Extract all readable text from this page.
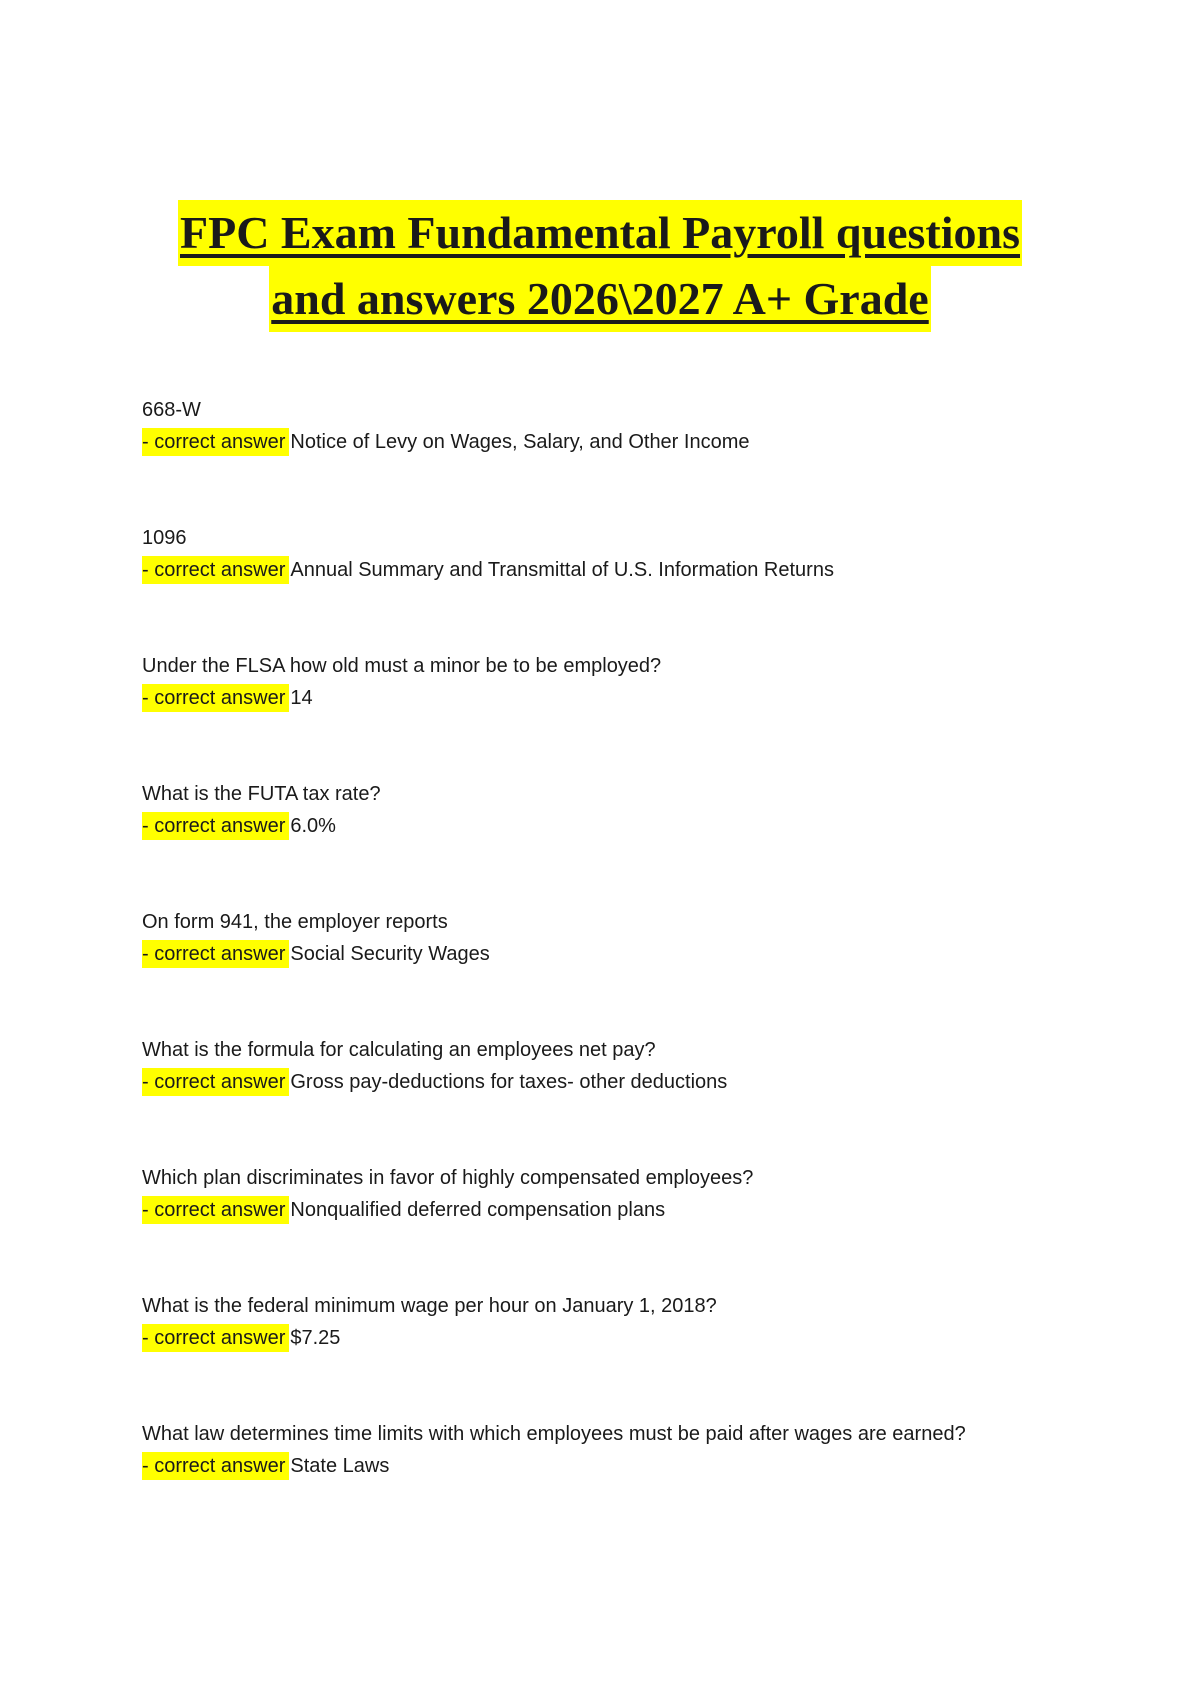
FPC Exam Fundamental Payroll questions
and answers 2026\2027 A+ Grade
668-W
- correct answer Notice of Levy on Wages, Salary, and Other Income
1096
- correct answer Annual Summary and Transmittal of U.S. Information Returns
Under the FLSA how old must a minor be to be employed?
- correct answer 14
What is the FUTA tax rate?
- correct answer 6.0%
On form 941, the employer reports
- correct answer Social Security Wages
What is the formula for calculating an employees net pay?
- correct answer Gross pay-deductions for taxes- other deductions
Which plan discriminates in favor of highly compensated employees?
- correct answer Nonqualified deferred compensation plans
What is the federal minimum wage per hour on January 1, 2018?
- correct answer $7.25
What law determines time limits with which employees must be paid after wages are earned?
- correct answer State Laws
